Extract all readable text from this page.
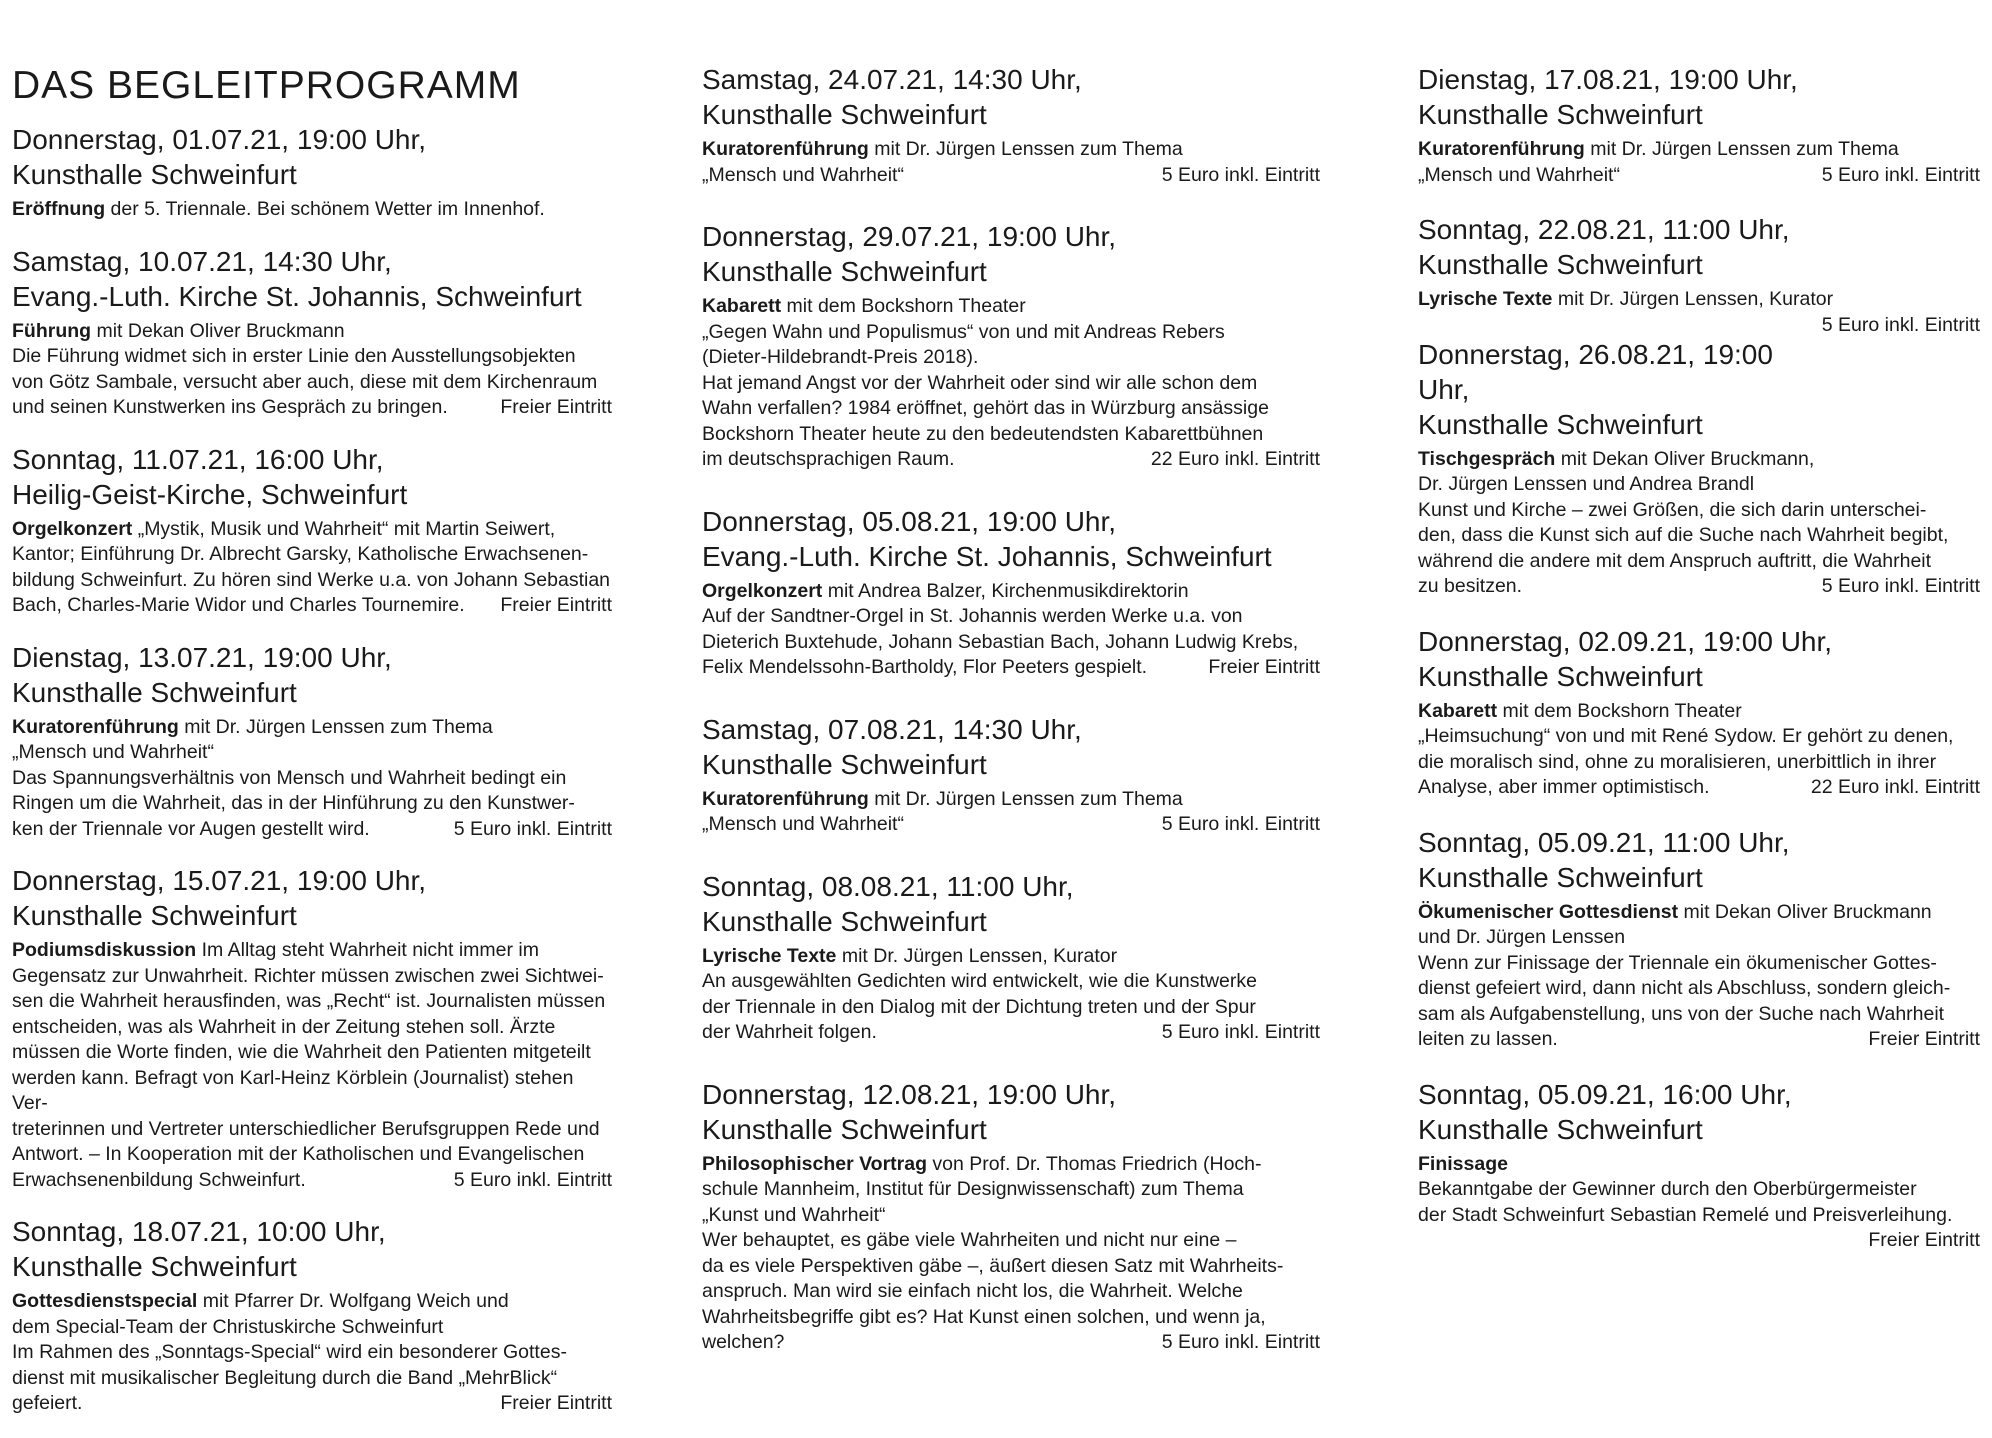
DAS BEGLEITPROGRAMM
Donnerstag, 01.07.21, 19:00 Uhr,
Kunsthalle Schweinfurt
Eröffnung der 5. Triennale. Bei schönem Wetter im Innenhof.
Samstag, 10.07.21, 14:30 Uhr,
Evang.-Luth. Kirche St. Johannis, Schweinfurt
Führung mit Dekan Oliver Bruckmann
Die Führung widmet sich in erster Linie den Ausstellungsobjekten
von Götz Sambale, versucht aber auch, diese mit dem Kirchenraum
Freier Eintritt
und seinen Kunstwerken ins Gespräch zu bringen.
Sonntag, 11.07.21, 16:00 Uhr,
Heilig-Geist-Kirche, Schweinfurt
Orgelkonzert „Mystik, Musik und Wahrheit“ mit Martin Seiwert,
Kantor; Einführung Dr. Albrecht Garsky, Katholische Erwachsenen-
bildung Schweinfurt. Zu hören sind Werke u.a. von Johann Sebastian
Freier Eintritt
Bach, Charles-Marie Widor und Charles Tournemire.
Dienstag, 13.07.21, 19:00 Uhr,
Kunsthalle Schweinfurt
Kuratorenführung mit Dr. Jürgen Lenssen zum Thema
„Mensch und Wahrheit“
Das Spannungsverhältnis von Mensch und Wahrheit bedingt ein
Ringen um die Wahrheit, das in der Hinführung zu den Kunstwer-
5 Euro inkl. Eintritt
ken der Triennale vor Augen gestellt wird.
Donnerstag, 15.07.21, 19:00 Uhr,
Kunsthalle Schweinfurt
Podiumsdiskussion Im Alltag steht Wahrheit nicht immer im
Gegensatz zur Unwahrheit. Richter müssen zwischen zwei Sichtwei-
sen die Wahrheit herausfinden, was „Recht“ ist. Journalisten müssen
entscheiden, was als Wahrheit in der Zeitung stehen soll. Ärzte
müssen die Worte finden, wie die Wahrheit den Patienten mitgeteilt
werden kann. Befragt von Karl-Heinz Körblein (Journalist) stehen Ver-
treterinnen und Vertreter unterschiedlicher Berufsgruppen Rede und
Antwort. – In Kooperation mit der Katholischen und Evangelischen
5 Euro inkl. Eintritt
Erwachsenenbildung Schweinfurt.
Sonntag, 18.07.21, 10:00 Uhr,
Kunsthalle Schweinfurt
Gottesdienstspecial mit Pfarrer Dr. Wolfgang Weich und
dem Special-Team der Christuskirche Schweinfurt
Im Rahmen des „Sonntags-Special“ wird ein besonderer Gottes-
dienst mit musikalischer Begleitung durch die Band „MehrBlick“
Freier Eintritt
gefeiert.
Samstag, 24.07.21, 14:30 Uhr,
Kunsthalle Schweinfurt
Kuratorenführung mit Dr. Jürgen Lenssen zum Thema
5 Euro inkl. Eintritt
„Mensch und Wahrheit“
Donnerstag, 29.07.21, 19:00 Uhr,
Kunsthalle Schweinfurt
Kabarett mit dem Bockshorn Theater
„Gegen Wahn und Populismus“ von und mit Andreas Rebers
(Dieter-Hildebrandt-Preis 2018).
Hat jemand Angst vor der Wahrheit oder sind wir alle schon dem
Wahn verfallen? 1984 eröffnet, gehört das in Würzburg ansässige
Bockshorn Theater heute zu den bedeutendsten Kabarettbühnen
22 Euro inkl. Eintritt
im deutschsprachigen Raum.
Donnerstag, 05.08.21, 19:00 Uhr,
Evang.-Luth. Kirche St. Johannis, Schweinfurt
Orgelkonzert mit Andrea Balzer, Kirchenmusikdirektorin
Auf der Sandtner-Orgel in St. Johannis werden Werke u.a. von
Dieterich Buxtehude, Johann Sebastian Bach, Johann Ludwig Krebs,
Freier Eintritt
Felix Mendelssohn-Bartholdy, Flor Peeters gespielt.
Samstag, 07.08.21, 14:30 Uhr,
Kunsthalle Schweinfurt
Kuratorenführung mit Dr. Jürgen Lenssen zum Thema
5 Euro inkl. Eintritt
„Mensch und Wahrheit“
Sonntag, 08.08.21, 11:00 Uhr,
Kunsthalle Schweinfurt
Lyrische Texte mit Dr. Jürgen Lenssen, Kurator
An ausgewählten Gedichten wird entwickelt, wie die Kunstwerke
der Triennale in den Dialog mit der Dichtung treten und der Spur
5 Euro inkl. Eintritt
der Wahrheit folgen.
Donnerstag, 12.08.21, 19:00 Uhr,
Kunsthalle Schweinfurt
Philosophischer Vortrag von Prof. Dr. Thomas Friedrich (Hoch-
schule Mannheim, Institut für Designwissenschaft) zum Thema
„Kunst und Wahrheit“
Wer behauptet, es gäbe viele Wahrheiten und nicht nur eine –
da es viele Perspektiven gäbe –, äußert diesen Satz mit Wahrheits-
anspruch. Man wird sie einfach nicht los, die Wahrheit. Welche
Wahrheitsbegriffe gibt es? Hat Kunst einen solchen, und wenn ja,
5 Euro inkl. Eintritt
welchen?
Dienstag, 17.08.21, 19:00 Uhr,
Kunsthalle Schweinfurt
Kuratorenführung mit Dr. Jürgen Lenssen zum Thema
5 Euro inkl. Eintritt
„Mensch und Wahrheit“
Sonntag, 22.08.21, 11:00 Uhr,
Kunsthalle Schweinfurt
Lyrische Texte mit Dr. Jürgen Lenssen, Kurator
5 Euro inkl. Eintritt
Donnerstag, 26.08.21, 19:00 Uhr,
Kunsthalle Schweinfurt
Tischgespräch mit Dekan Oliver Bruckmann,
Dr. Jürgen Lenssen und Andrea Brandl
Kunst und Kirche – zwei Größen, die sich darin unterschei-
den, dass die Kunst sich auf die Suche nach Wahrheit begibt,
während die andere mit dem Anspruch auftritt, die Wahrheit
5 Euro inkl. Eintritt
zu besitzen.
Donnerstag, 02.09.21, 19:00 Uhr,
Kunsthalle Schweinfurt
Kabarett mit dem Bockshorn Theater
„Heimsuchung“ von und mit René Sydow. Er gehört zu denen,
die moralisch sind, ohne zu moralisieren, unerbittlich in ihrer
22 Euro inkl. Eintritt
Analyse, aber immer optimistisch.
Sonntag, 05.09.21, 11:00 Uhr,
Kunsthalle Schweinfurt
Ökumenischer Gottesdienst mit Dekan Oliver Bruckmann
und Dr. Jürgen Lenssen
Wenn zur Finissage der Triennale ein ökumenischer Gottes-
dienst gefeiert wird, dann nicht als Abschluss, sondern gleich-
sam als Aufgabenstellung, uns von der Suche nach Wahrheit
Freier Eintritt
leiten zu lassen.
Sonntag, 05.09.21, 16:00 Uhr,
Kunsthalle Schweinfurt
Finissage
Bekanntgabe der Gewinner durch den Oberbürgermeister
der Stadt Schweinfurt Sebastian Remelé und Preisverleihung.
Freier Eintritt
